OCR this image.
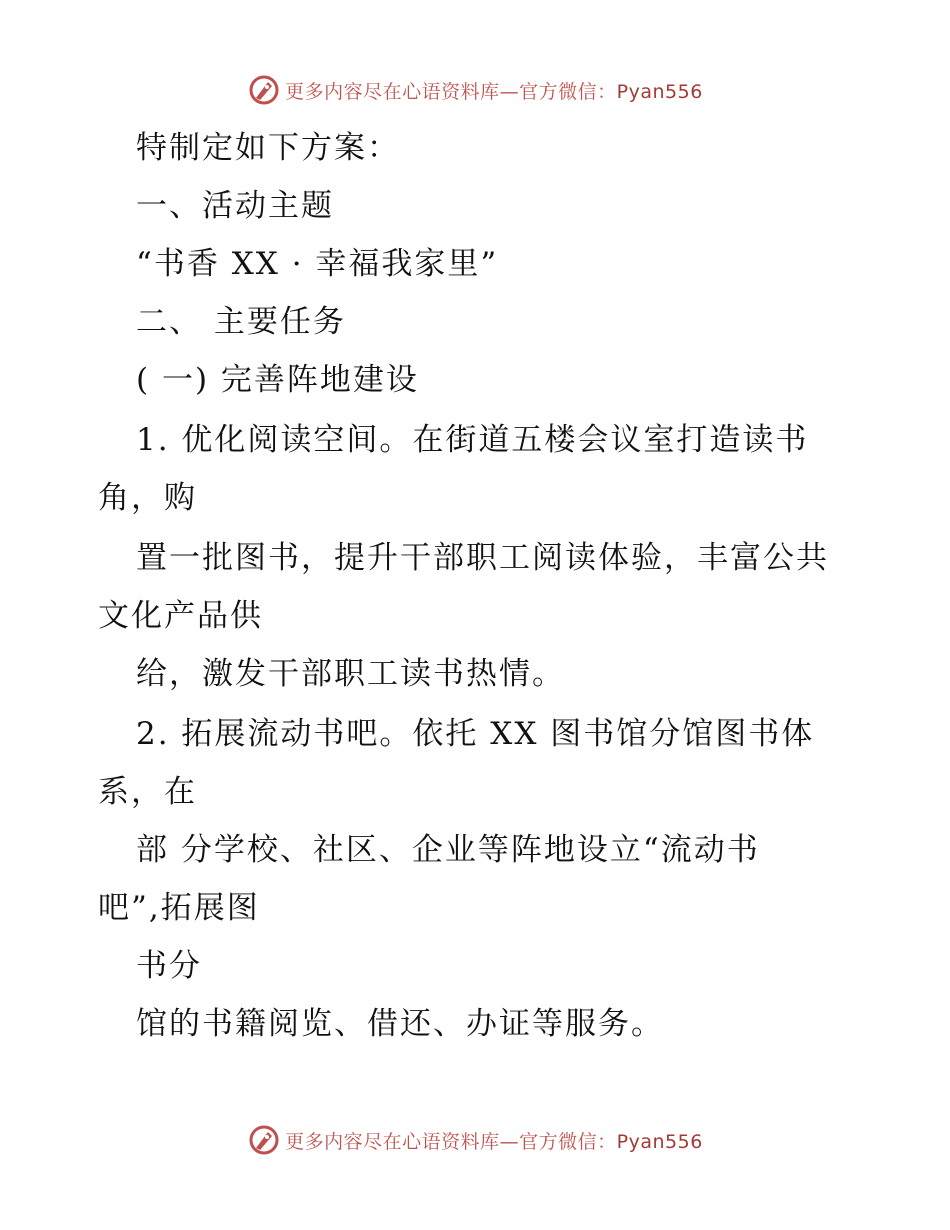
更多内容尽在心语资料库—官方微信：Pyan556
特制定如下方案：
一、活动主题
“书香 XX · 幸福我家里”
二、 主要任务
( 一) 完善阵地建设
1. 优化阅读空间。在街道五楼会议室打造读书
角，购
置一批图书，提升干部职工阅读体验，丰富公共
文化产品供
给，激发干部职工读书热情。
2. 拓展流动书吧。依托 XX 图书馆分馆图书体
系，在
部 分学校、社区、企业等阵地设立“流动书
吧”,拓展图
书分
馆的书籍阅览、借还、办证等服务。
更多内容尽在心语资料库—官方微信：Pyan556
